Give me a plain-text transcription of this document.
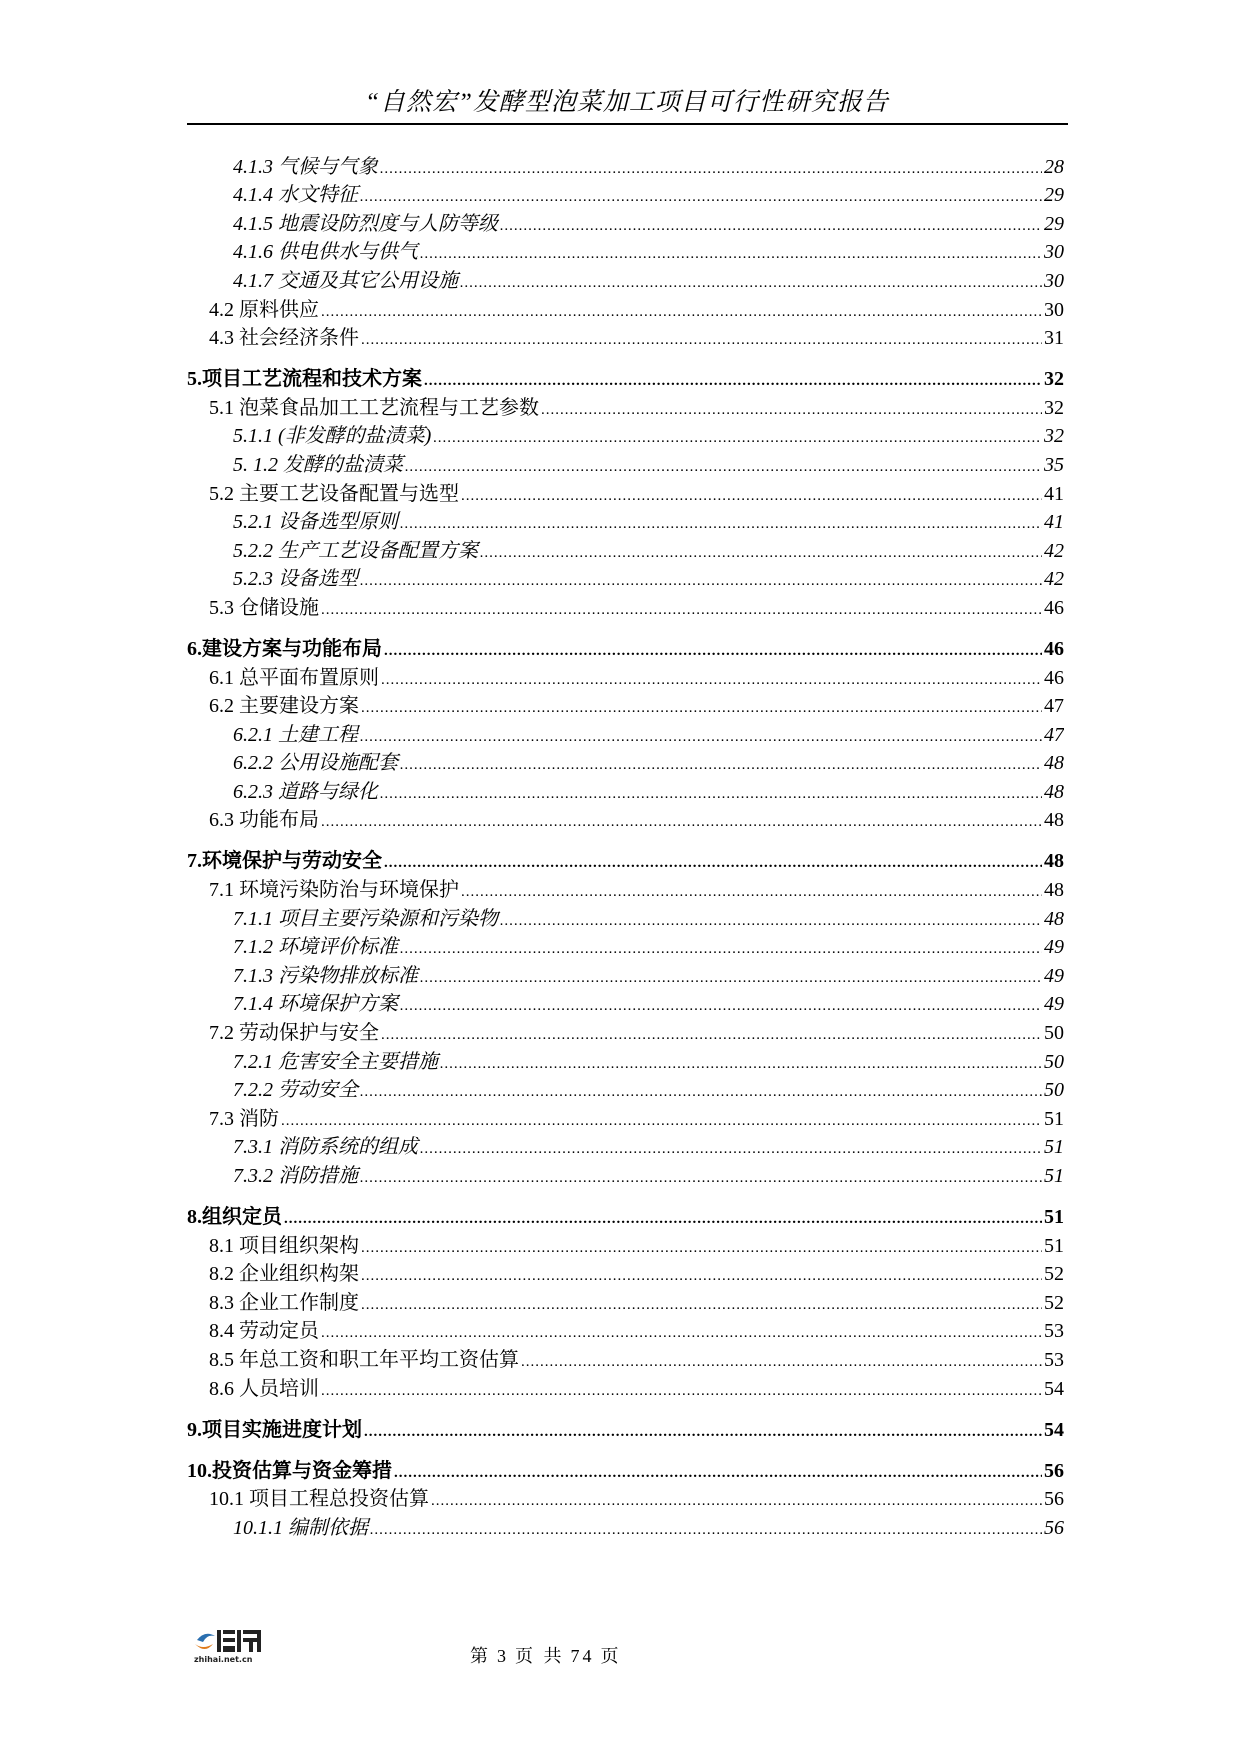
“自然宏”发酵型泡菜加工项目可行性研究报告
4.1.3 气候与气象 .....	28
4.1.4 水文特征 .....	29
4.1.5 地震设防烈度与人防等级 .....	29
4.1.6 供电供水与供气 .....	30
4.1.7 交通及其它公用设施 .....	30
4.2 原料供应 .....	30
4.3 社会经济条件 .....	31
5.项目工艺流程和技术方案 .....	32
5.1 泡菜食品加工工艺流程与工艺参数 .....	32
5.1.1 (非发酵的盐渍菜) .....	32
5. 1.2 发酵的盐渍菜 .....	35
5.2 主要工艺设备配置与选型 .....	41
5.2.1 设备选型原则 .....	41
5.2.2 生产工艺设备配置方案 .....	42
5.2.3 设备选型 .....	42
5.3 仓储设施 .....	46
6.建设方案与功能布局 .....	46
6.1 总平面布置原则 .....	46
6.2 主要建设方案 .....	47
6.2.1 土建工程 .....	47
6.2.2 公用设施配套 .....	48
6.2.3 道路与绿化 .....	48
6.3 功能布局 .....	48
7.环境保护与劳动安全 .....	48
7.1 环境污染防治与环境保护 .....	48
7.1.1 项目主要污染源和污染物 .....	48
7.1.2 环境评价标准 .....	49
7.1.3 污染物排放标准 .....	49
7.1.4 环境保护方案 .....	49
7.2 劳动保护与安全 .....	50
7.2.1 危害安全主要措施 .....	50
7.2.2 劳动安全 .....	50
7.3 消防 .....	51
7.3.1 消防系统的组成 .....	51
7.3.2 消防措施 .....	51
8.组织定员 .....	51
8.1 项目组织架构 .....	51
8.2 企业组织构架 .....	52
8.3 企业工作制度 .....	52
8.4 劳动定员 .....	53
8.5 年总工资和职工年平均工资估算 .....	53
8.6 人员培训 .....	54
9.项目实施进度计划 .....	54
10.投资估算与资金筹措 .....	56
10.1 项目工程总投资估算 .....	56
10.1.1 编制依据 .....	56
zhihai.net.cn	第 3 页 共 74 页
